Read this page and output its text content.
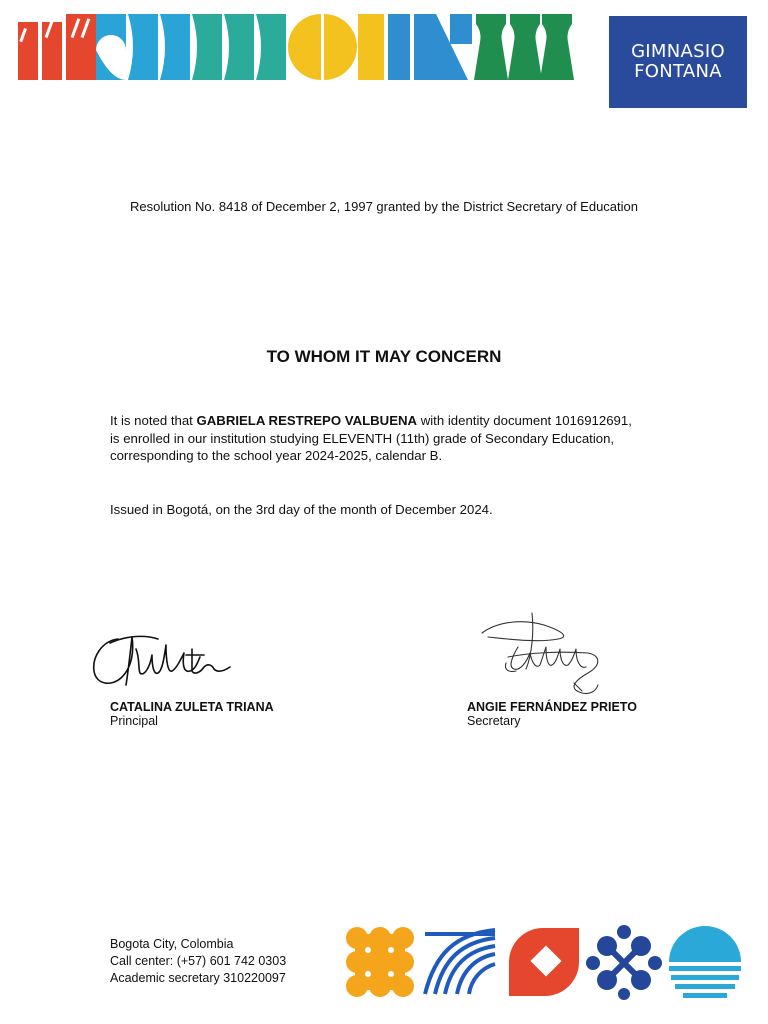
GIMNASIO
FONTANA
Resolution No. 8418 of December 2, 1997 granted by the District Secretary of Education
TO WHOM IT MAY CONCERN
It is noted that GABRIELA RESTREPO VALBUENA with identity document 1016912691,
is enrolled in our institution studying ELEVENTH (11th) grade of Secondary Education,
corresponding to the school year 2024-2025, calendar B.
Issued in Bogotá, on the 3rd day of the month of December 2024.
CATALINA ZULETA TRIANA
Principal
ANGIE FERNÁNDEZ PRIETO
Secretary
Bogota City, Colombia
Call center: (+57) 601 742 0303
Academic secretary 310220097
